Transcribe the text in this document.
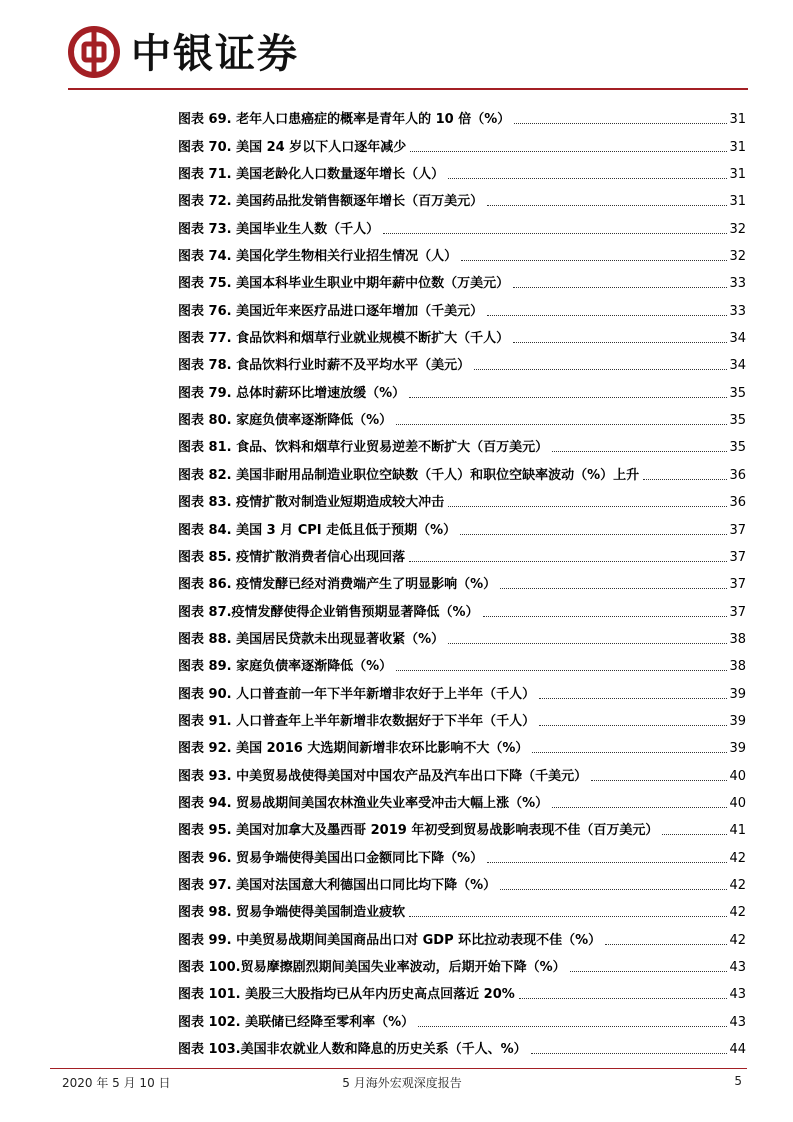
中银证券
图表 69. 老年人口患癌症的概率是青年人的 10 倍（%）	31
图表 70. 美国 24 岁以下人口逐年减少	31
图表 71. 美国老龄化人口数量逐年增长（人）	31
图表 72. 美国药品批发销售额逐年增长（百万美元）	31
图表 73. 美国毕业生人数（千人）	32
图表 74. 美国化学生物相关行业招生情况（人）	32
图表 75. 美国本科毕业生职业中期年薪中位数（万美元）	33
图表 76. 美国近年来医疗品进口逐年增加（千美元）	33
图表 77. 食品饮料和烟草行业就业规模不断扩大（千人）	34
图表 78. 食品饮料行业时薪不及平均水平（美元）	34
图表 79. 总体时薪环比增速放缓（%）	35
图表 80. 家庭负债率逐渐降低（%）	35
图表 81. 食品、饮料和烟草行业贸易逆差不断扩大（百万美元）	35
图表 82. 美国非耐用品制造业职位空缺数（千人）和职位空缺率波动（%）上升	36
图表 83. 疫情扩散对制造业短期造成较大冲击	36
图表 84. 美国 3 月 CPI 走低且低于预期（%）	37
图表 85. 疫情扩散消费者信心出现回落	37
图表 86. 疫情发酵已经对消费端产生了明显影响（%）	37
图表 87.疫情发酵使得企业销售预期显著降低（%）	37
图表 88. 美国居民贷款未出现显著收紧（%）	38
图表 89. 家庭负债率逐渐降低（%）	38
图表 90. 人口普查前一年下半年新增非农好于上半年（千人）	39
图表 91. 人口普查年上半年新增非农数据好于下半年（千人）	39
图表 92. 美国 2016 大选期间新增非农环比影响不大（%）	39
图表 93. 中美贸易战使得美国对中国农产品及汽车出口下降（千美元）	40
图表 94. 贸易战期间美国农林渔业失业率受冲击大幅上涨（%）	40
图表 95. 美国对加拿大及墨西哥 2019 年初受到贸易战影响表现不佳（百万美元）	41
图表 96. 贸易争端使得美国出口金额同比下降（%）	42
图表 97. 美国对法国意大利德国出口同比均下降（%）	42
图表 98. 贸易争端使得美国制造业疲软	42
图表 99. 中美贸易战期间美国商品出口对 GDP 环比拉动表现不佳（%）	42
图表 100.贸易摩擦剧烈期间美国失业率波动，后期开始下降（%）	43
图表 101. 美股三大股指均已从年内历史高点回落近 20%	43
图表 102. 美联储已经降至零利率（%）	43
图表 103.美国非农就业人数和降息的历史关系（千人、%）	44
2020 年 5 月 10 日	5 月海外宏观深度报告	5
